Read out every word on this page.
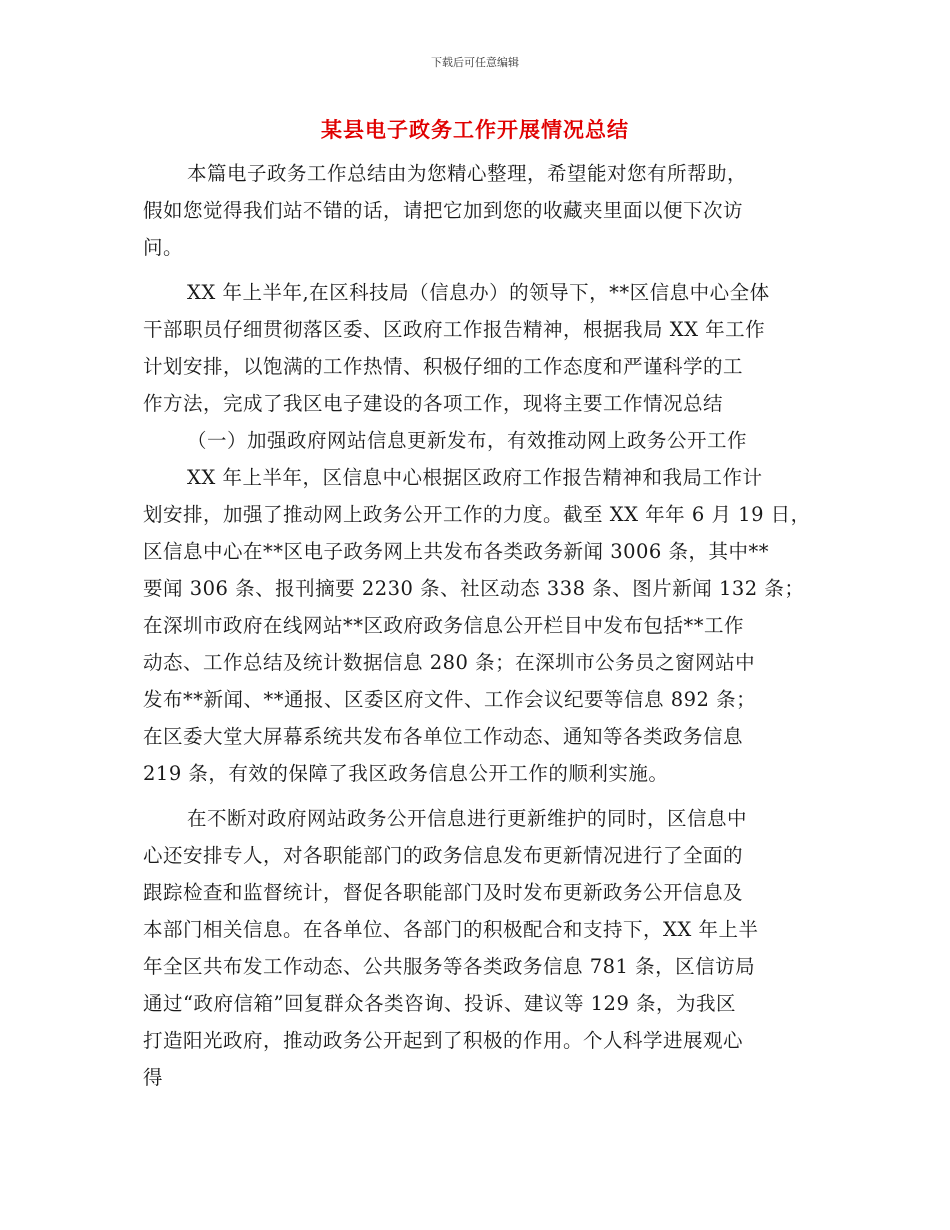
下载后可任意编辑
某县电子政务工作开展情况总结
本篇电子政务工作总结由为您精心整理，希望能对您有所帮助，
假如您觉得我们站不错的话，请把它加到您的收藏夹里面以便下次访
问。
XX 年上半年,在区科技局（信息办）的领导下，**区信息中心全体
干部职员仔细贯彻落区委、区政府工作报告精神，根据我局 XX 年工作
计划安排，以饱满的工作热情、积极仔细的工作态度和严谨科学的工
作方法，完成了我区电子建设的各项工作，现将主要工作情况总结
（一）加强政府网站信息更新发布，有效推动网上政务公开工作
XX 年上半年，区信息中心根据区政府工作报告精神和我局工作计
划安排，加强了推动网上政务公开工作的力度。截至 XX 年年 6 月 19 日，
区信息中心在**区电子政务网上共发布各类政务新闻 3006 条，其中**
要闻 306 条、报刊摘要 2230 条、社区动态 338 条、图片新闻 132 条；
在深圳市政府在线网站**区政府政务信息公开栏目中发布包括**工作
动态、工作总结及统计数据信息 280 条；在深圳市公务员之窗网站中
发布**新闻、**通报、区委区府文件、工作会议纪要等信息 892 条；
在区委大堂大屏幕系统共发布各单位工作动态、通知等各类政务信息
219 条，有效的保障了我区政务信息公开工作的顺利实施。
在不断对政府网站政务公开信息进行更新维护的同时，区信息中
心还安排专人，对各职能部门的政务信息发布更新情况进行了全面的
跟踪检查和监督统计，督促各职能部门及时发布更新政务公开信息及
本部门相关信息。在各单位、各部门的积极配合和支持下，XX 年上半
年全区共布发工作动态、公共服务等各类政务信息 781 条，区信访局
通过“政府信箱”回复群众各类咨询、投诉、建议等 129 条，为我区
打造阳光政府，推动政务公开起到了积极的作用。个人科学进展观心
得
